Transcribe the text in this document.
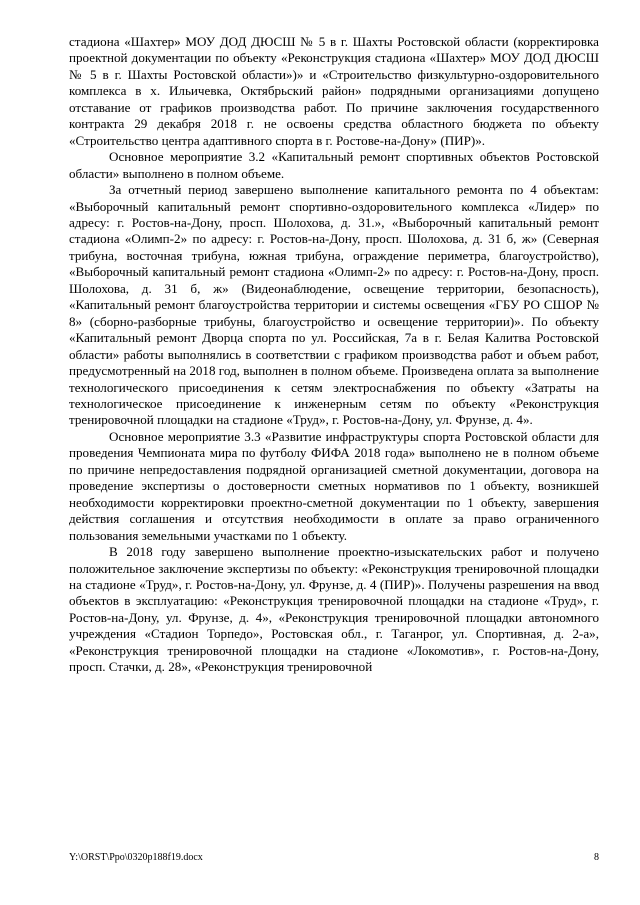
стадиона «Шахтер» МОУ ДОД ДЮСШ № 5 в г. Шахты Ростовской области (корректировка проектной документации по объекту «Реконструкция стадиона «Шахтер» МОУ ДОД ДЮСШ № 5 в г. Шахты Ростовской области»)» и «Строительство физкультурно-оздоровительного комплекса в х. Ильичевка, Октябрьский район» подрядными организациями допущено отставание от графиков производства работ. По причине заключения государственного контракта 29 декабря 2018 г. не освоены средства областного бюджета по объекту «Строительство центра адаптивного спорта в г. Ростове-на-Дону» (ПИР)».

Основное мероприятие 3.2 «Капитальный ремонт спортивных объектов Ростовской области» выполнено в полном объеме.

За отчетный период завершено выполнение капитального ремонта по 4 объектам: «Выборочный капитальный ремонт спортивно-оздоровительного комплекса «Лидер» по адресу: г. Ростов-на-Дону, просп. Шолохова, д. 31.», «Выборочный капитальный ремонт стадиона «Олимп-2» по адресу: г. Ростов-на-Дону, просп. Шолохова, д. 31 б, ж» (Северная трибуна, восточная трибуна, южная трибуна, ограждение периметра, благоустройство), «Выборочный капитальный ремонт стадиона «Олимп-2» по адресу: г. Ростов-на-Дону, просп. Шолохова, д. 31 б, ж» (Видеонаблюдение, освещение территории, безопасность), «Капитальный ремонт благоустройства территории и системы освещения «ГБУ РО СШОР № 8» (сборно-разборные трибуны, благоустройство и освещение территории)». По объекту «Капитальный ремонт Дворца спорта по ул. Российская, 7а в г. Белая Калитва Ростовской области» работы выполнялись в соответствии с графиком производства работ и объем работ, предусмотренный на 2018 год, выполнен в полном объеме. Произведена оплата за выполнение технологического присоединения к сетям электроснабжения по объекту «Затраты на технологическое присоединение к инженерным сетям по объекту «Реконструкция тренировочной площадки на стадионе «Труд», г. Ростов-на-Дону, ул. Фрунзе, д. 4».

Основное мероприятие 3.3 «Развитие инфраструктуры спорта Ростовской области для проведения Чемпионата мира по футболу ФИФА 2018 года» выполнено не в полном объеме по причине непредоставления подрядной организацией сметной документации, договора на проведение экспертизы о достоверности сметных нормативов по 1 объекту, возникшей необходимости корректировки проектно-сметной документации по 1 объекту, завершения действия соглашения и отсутствия необходимости в оплате за право ограниченного пользования земельными участками по 1 объекту.

В 2018 году завершено выполнение проектно-изыскательских работ и получено положительное заключение экспертизы по объекту: «Реконструкция тренировочной площадки на стадионе «Труд», г. Ростов-на-Дону, ул. Фрунзе, д. 4 (ПИР)». Получены разрешения на ввод объектов в эксплуатацию: «Реконструкция тренировочной площадки на стадионе «Труд», г. Ростов-на-Дону, ул. Фрунзе, д. 4», «Реконструкция тренировочной площадки автономного учреждения «Стадион Торпедо», Ростовская обл., г. Таганрог, ул. Спортивная, д. 2-а», «Реконструкция тренировочной площадки на стадионе «Локомотив», г. Ростов-на-Дону, просп. Стачки, д. 28», «Реконструкция тренировочной

Y:\ORST\Ppo\0320p188f19.docx	8
